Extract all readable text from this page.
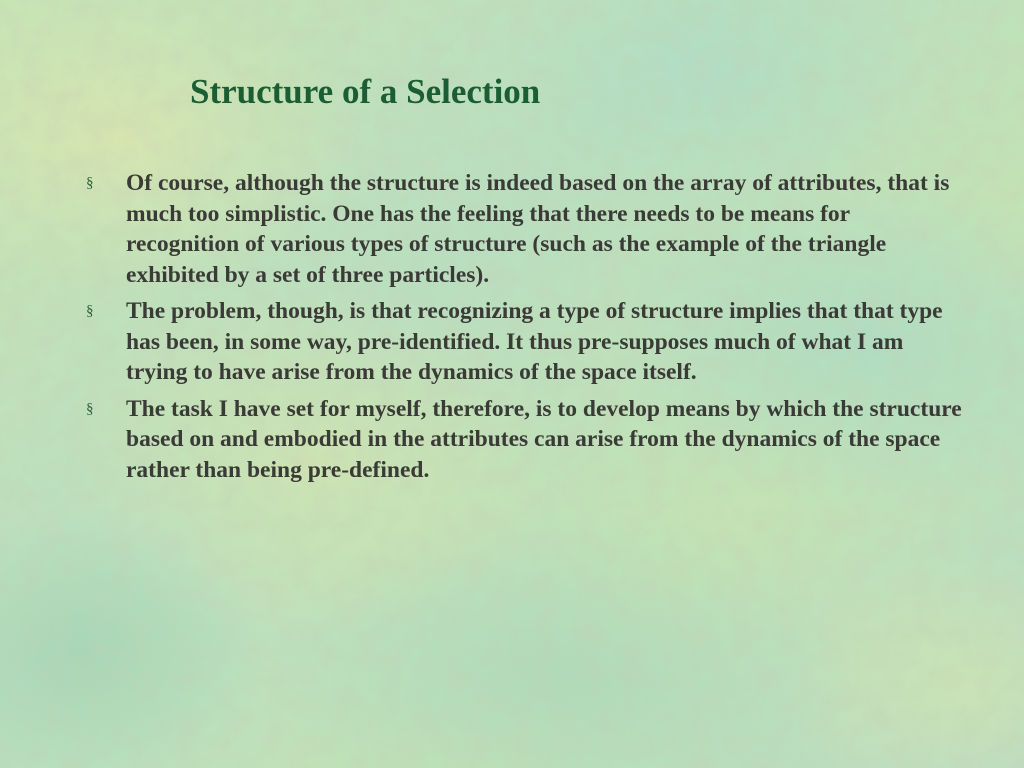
Structure of a Selection
§	Of course, although the structure is indeed based on the array of attributes, that is much too simplistic. One has the feeling that there needs to be means for recognition of various types of structure (such as the example of the triangle exhibited by a set of three particles).
§	The problem, though, is that recognizing a type of structure implies that that type has been, in some way, pre-identified. It thus pre-supposes much of what I am trying to have arise from the dynamics of the space itself.
§	The task I have set for myself, therefore, is to develop means by which the structure based on and embodied in the attributes can arise from the dynamics of the space rather than being pre-defined.
